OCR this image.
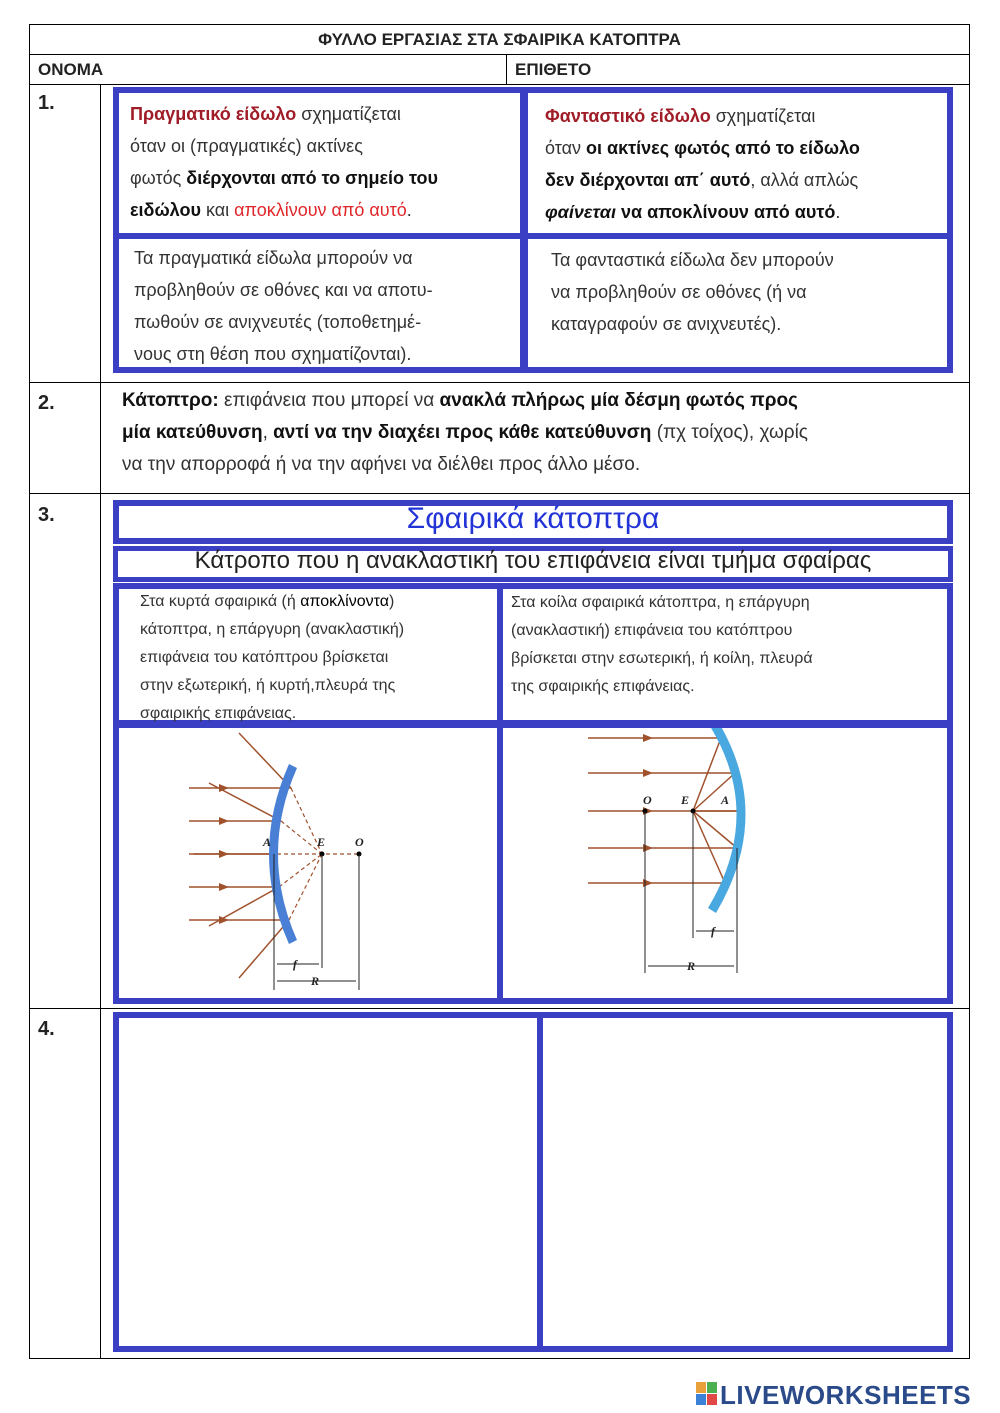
ΦΥΛΛΟ ΕΡΓΑΣΙΑΣ ΣΤΑ ΣΦΑΙΡΙΚΑ ΚΑΤΟΠΤΡΑ
ΟΝΟΜΑ	ΕΠΙΘΕΤΟ
1.
2.
3.
4.
Πραγματικό είδωλο σχηματίζεται
όταν οι (πραγματικές) ακτίνες
φωτός διέρχονται από το σημείο του
ειδώλου και αποκλίνουν από αυτό.
Φανταστικό είδωλο σχηματίζεται
όταν οι ακτίνες φωτός από το είδωλο
δεν διέρχονται απ΄ αυτό, αλλά απλώς
φαίνεται να αποκλίνουν από αυτό.
Τα πραγματικά είδωλα μπορούν να
προβληθούν σε οθόνες και να αποτυ-
πωθούν σε ανιχνευτές (τοποθετημέ-
νους στη θέση που σχηματίζονται).
Τα φανταστικά είδωλα δεν μπορούν
να προβληθούν σε οθόνες (ή να
καταγραφούν σε ανιχνευτές).
Κάτοπτρο: επιφάνεια που μπορεί να ανακλά πλήρως μία δέσμη φωτός προς
μία κατεύθυνση, αντί να την διαχέει προς κάθε κατεύθυνση (πχ τοίχος), χωρίς
να την απορροφά ή να την αφήνει να διέλθει προς άλλο μέσο.
Σφαιρικά κάτοπτρα
Κάτροπο που η ανακλαστική του επιφάνεια είναι τμήμα σφαίρας
Στα κυρτά σφαιρικά (ή αποκλίνοντα)
κάτοπτρα, η επάργυρη (ανακλαστική)
επιφάνεια του κατόπτρου βρίσκεται
στην εξωτερική, ή κυρτή,πλευρά της
σφαιρικής επιφάνειας.
Στα κοίλα σφαιρικά κάτοπτρα, η επάργυρη
(ανακλαστική) επιφάνεια του κατόπτρου
βρίσκεται στην εσωτερική, ή κοίλη, πλευρά
της σφαιρικής επιφάνειας.
A	E O
f
R
O E	A
f
R
LIVEWORKSHEETS
